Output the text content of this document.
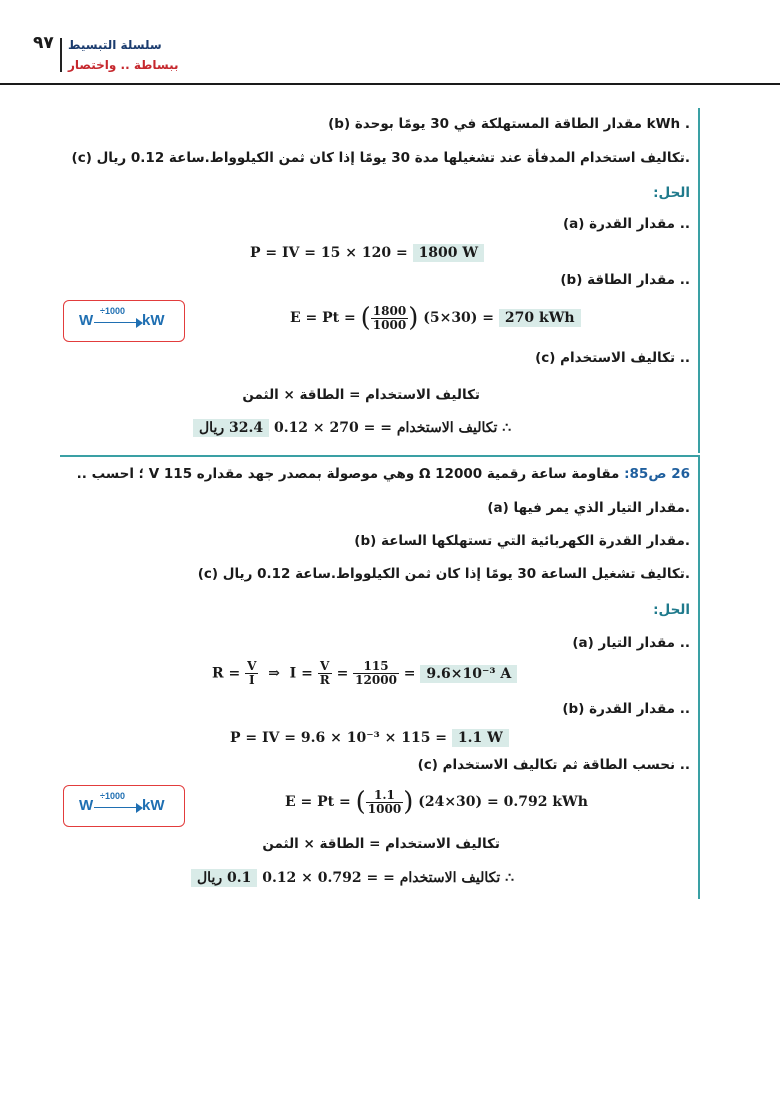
٩٧ سلسلة التبسيط
ببساطة .. واختصار
(b) مقدار الطاقة المستهلكة في 30 يومًا بوحدة kWh .
(c) تكاليف استخدام المدفأة عند تشغيلها مدة 30 يومًا إذا كان ثمن الكيلوواط.ساعة 0.12 ريال.
الحل:
(a) مقدار القدرة ..
P = IV = 15 × 120 = 1800 W
(b) مقدار الطاقة ..
W
÷1000
kW	E = Pt = ( $\frac{1800}{1000}$ ) (5×30) = 270 kWh
(c) تكاليف الاستخدام ..
تكاليف الاستخدام = الطاقة × الثمن
32.4 ريال 0.12 × 270 = تكاليف الاستخدام = ∴
26 ص85: مقاومة ساعة رقمية 12000 Ω وهي موصولة بمصدر جهد مقداره 115 V ؛ احسب ..
(a) مقدار التيار الذي يمر فيها.
(b) مقدار القدرة الكهربائية التي تستهلكها الساعة.
(c) تكاليف تشغيل الساعة 30 يومًا إذا كان ثمن الكيلوواط.ساعة 0.12 ريال.
الحل:
(a) مقدار التيار ..
$R = \frac{V}{I}$ ⇒ $I = \frac{V}{R} = \frac{115}{12000} = 9.6\times 10^{-3}$ A
(b) مقدار القدرة ..
P = IV = 9.6 × 10⁻³ × 115 = 1.1 W
(c) نحسب الطاقة ثم تكاليف الاستخدام ..
W
÷1000
kW	E = Pt = ( $\frac{1.1}{1000}$ ) (24×30) = 0.792 kWh
تكاليف الاستخدام = الطاقة × الثمن
0.1 ريال 0.12 × 0.792 = تكاليف الاستخدام = ∴
